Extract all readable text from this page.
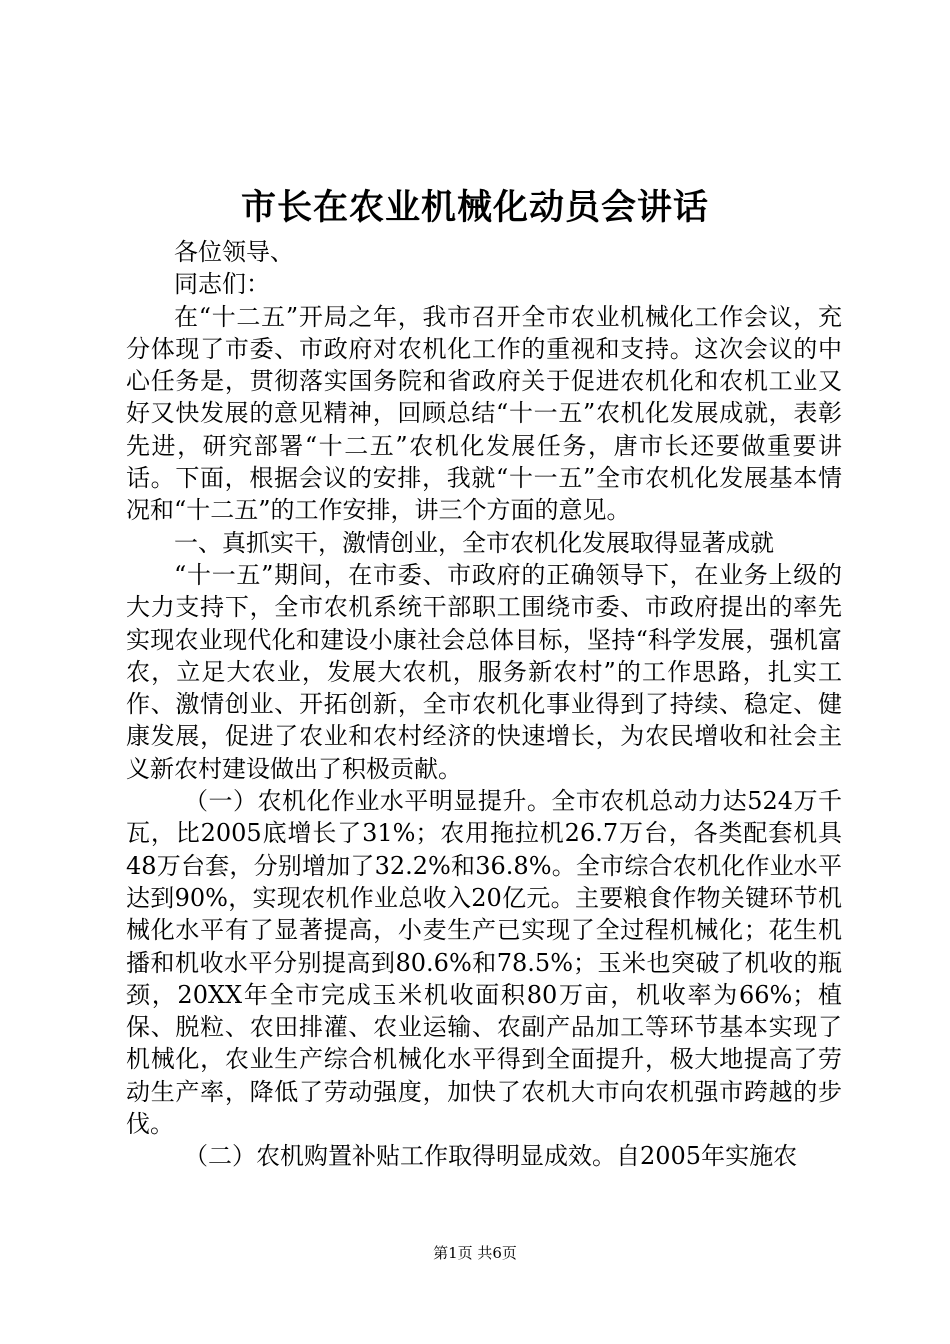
市长在农业机械化动员会讲话

各位领导、

同志们：

在“十二五”开局之年，我市召开全市农业机械化工作会议，充分体现了市委、市政府对农机化工作的重视和支持。这次会议的中心任务是，贯彻落实国务院和省政府关于促进农机化和农机工业又好又快发展的意见精神，回顾总结“十一五”农机化发展成就，表彰先进，研究部署“十二五”农机化发展任务，唐市长还要做重要讲话。下面，根据会议的安排，我就“十一五”全市农机化发展基本情况和“十二五”的工作安排，讲三个方面的意见。

一、真抓实干，激情创业，全市农机化发展取得显著成就

“十一五”期间，在市委、市政府的正确领导下，在业务上级的大力支持下，全市农机系统干部职工围绕市委、市政府提出的率先实现农业现代化和建设小康社会总体目标，坚持“科学发展，强机富农，立足大农业，发展大农机，服务新农村”的工作思路，扎实工作、激情创业、开拓创新，全市农机化事业得到了持续、稳定、健康发展，促进了农业和农村经济的快速增长，为农民增收和社会主义新农村建设做出了积极贡献。

（一）农机化作业水平明显提升。全市农机总动力达524万千瓦，比2005底增长了31%；农用拖拉机26.7万台，各类配套机具48万台套，分别增加了32.2%和36.8%。全市综合农机化作业水平达到90%，实现农机作业总收入20亿元。主要粮食作物关键环节机械化水平有了显著提高，小麦生产已实现了全过程机械化；花生机播和机收水平分别提高到80.6%和78.5%；玉米也突破了机收的瓶颈，20XX年全市完成玉米机收面积80万亩，机收率为66%；植保、脱粒、农田排灌、农业运输、农副产品加工等环节基本实现了机械化，农业生产综合机械化水平得到全面提升，极大地提高了劳动生产率，降低了劳动强度，加快了农机大市向农机强市跨越的步伐。

（二）农机购置补贴工作取得明显成效。自2005年实施农

第1页 共6页
